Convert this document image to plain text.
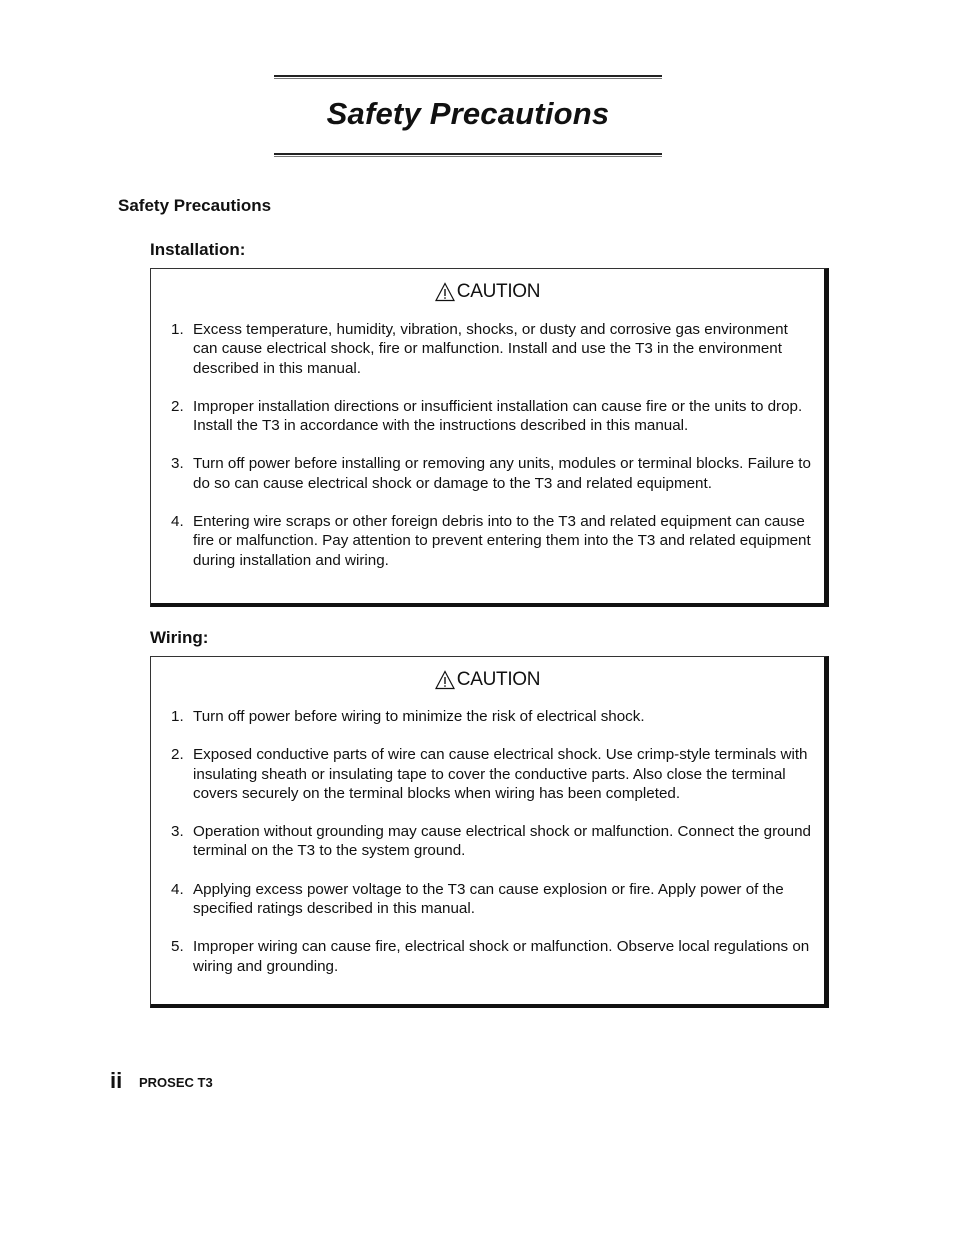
Safety Precautions
Safety Precautions
Installation:
CAUTION
1. Excess temperature, humidity, vibration, shocks, or dusty and corrosive gas environment can cause electrical shock, fire or malfunction. Install and use the T3 in the environment described in this manual.
2. Improper installation directions or insufficient installation can cause fire or the units to drop. Install the T3 in accordance with the instructions described in this manual.
3. Turn off power before installing or removing any units, modules or terminal blocks. Failure to do so can cause electrical shock or damage to the T3 and related equipment.
4. Entering wire scraps or other foreign debris into to the T3 and related equipment can cause fire or malfunction. Pay attention to prevent entering them into the T3 and related equipment during installation and wiring.
Wiring:
CAUTION
1. Turn off power before wiring to minimize the risk of electrical shock.
2. Exposed conductive parts of wire can cause electrical shock. Use crimp-style terminals with insulating sheath or insulating tape to cover the conductive parts. Also close the terminal covers securely on the terminal blocks when wiring has been completed.
3. Operation without grounding may cause electrical shock or malfunction. Connect the ground terminal on the T3 to the system ground.
4. Applying excess power voltage to the T3 can cause explosion or fire. Apply power of the specified ratings described in this manual.
5. Improper wiring can cause fire, electrical shock or malfunction. Observe local regulations on wiring and grounding.
ii PROSEC T3
